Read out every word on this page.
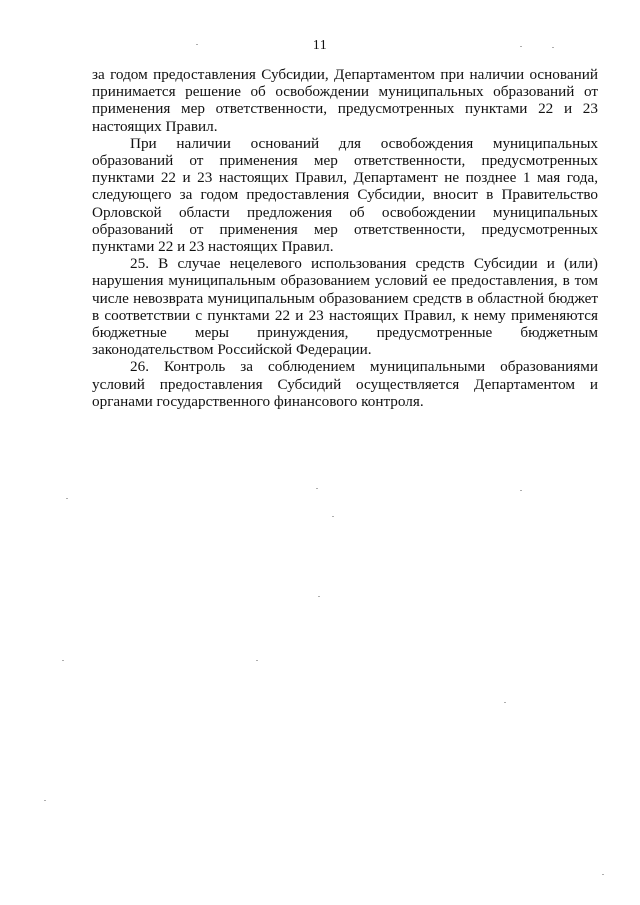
11

за годом предоставления Субсидии, Департаментом при наличии оснований принимается решение об освобождении муниципальных образований от применения мер ответственности, предусмотренных пунктами 22 и 23 настоящих Правил.

При наличии оснований для освобождения муниципальных образований от применения мер ответственности, предусмотренных пунктами 22 и 23 настоящих Правил, Департамент не позднее 1 мая года, следующего за годом предоставления Субсидии, вносит в Правительство Орловской области предложения об освобождении муниципальных образований от применения мер ответственности, предусмотренных пунктами 22 и 23 настоящих Правил.

25. В случае нецелевого использования средств Субсидии и (или) нарушения муниципальным образованием условий ее предоставления, в том числе невозврата муниципальным образованием средств в областной бюджет в соответствии с пунктами 22 и 23 настоящих Правил, к нему применяются бюджетные меры принуждения, предусмотренные бюджетным законодательством Российской Федерации.

26. Контроль за соблюдением муниципальными образованиями условий предоставления Субсидий осуществляется Департаментом и органами государственного финансового контроля.
